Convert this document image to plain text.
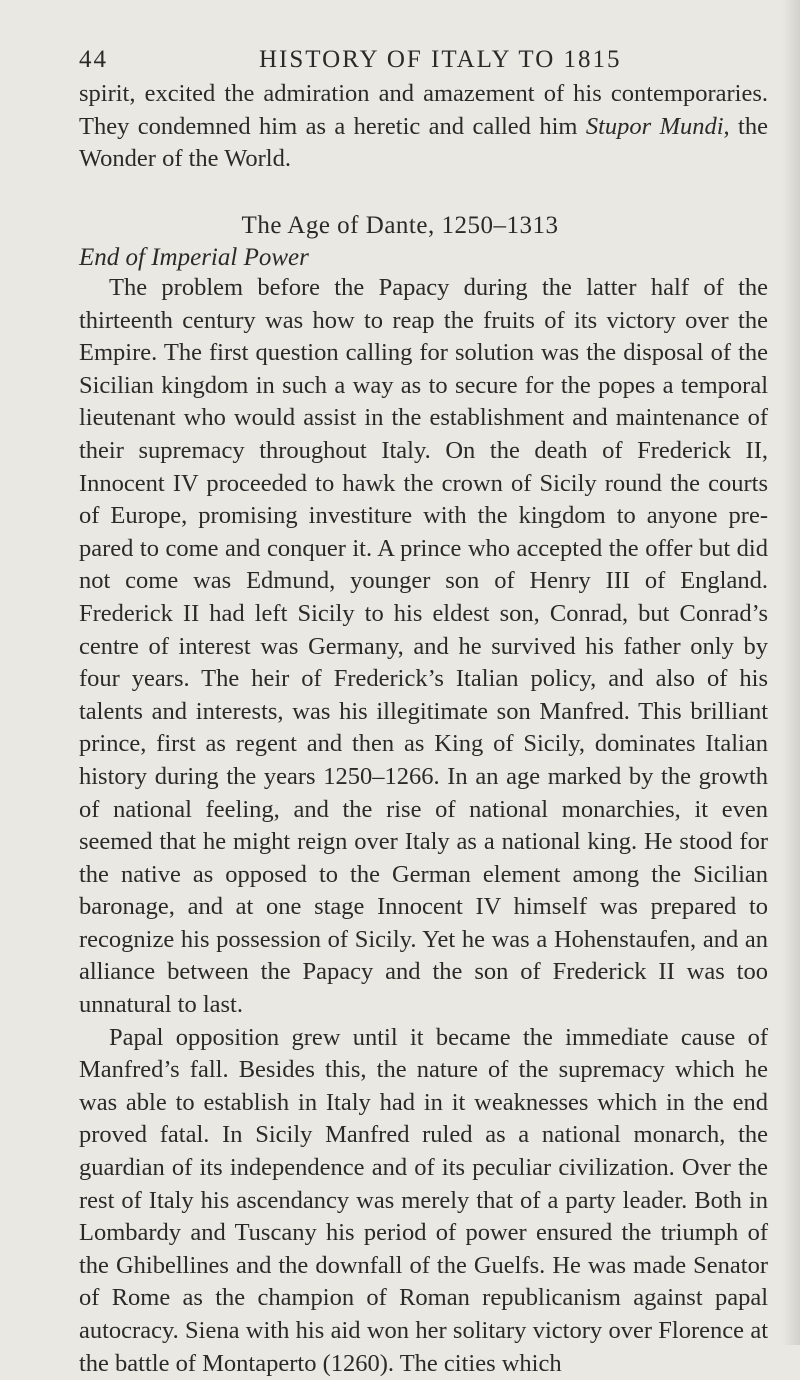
44	HISTORY OF ITALY TO 1815

spirit, excited the admiration and amazement of his contemporaries. They condemned him as a heretic and called him Stupor Mundi, the Wonder of the World.

The Age of Dante, 1250–1313
End of Imperial Power

The problem before the Papacy during the latter half of the thirteenth century was how to reap the fruits of its victory over the Empire. The first question calling for solution was the disposal of the Sicilian kingdom in such a way as to secure for the popes a temporal lieutenant who would assist in the establishment and maintenance of their supremacy throughout Italy. On the death of Frederick II, Innocent IV proceeded to hawk the crown of Sicily round the courts of Europe, promising investiture with the kingdom to anyone pre-pared to come and conquer it. A prince who accepted the offer but did not come was Edmund, younger son of Henry III of England. Frederick II had left Sicily to his eldest son, Conrad, but Conrad’s centre of interest was Germany, and he survived his father only by four years. The heir of Frederick’s Italian policy, and also of his talents and interests, was his illegitimate son Manfred. This brilliant prince, first as regent and then as King of Sicily, dominates Italian history during the years 1250–1266. In an age marked by the growth of national feeling, and the rise of national monarchies, it even seemed that he might reign over Italy as a national king. He stood for the native as opposed to the German element among the Sicilian baronage, and at one stage Innocent IV himself was prepared to recognize his possession of Sicily. Yet he was a Hohenstaufen, and an alliance between the Papacy and the son of Frederick II was too unnatural to last.

Papal opposition grew until it became the immediate cause of Manfred’s fall. Besides this, the nature of the supremacy which he was able to establish in Italy had in it weaknesses which in the end proved fatal. In Sicily Manfred ruled as a national monarch, the guardian of its independence and of its peculiar civilization. Over the rest of Italy his ascendancy was merely that of a party leader. Both in Lombardy and Tuscany his period of power ensured the triumph of the Ghibellines and the downfall of the Guelfs. He was made Senator of Rome as the champion of Roman republicanism against papal autocracy. Siena with his aid won her solitary victory over Florence at the battle of Montaperto (1260). The cities which
